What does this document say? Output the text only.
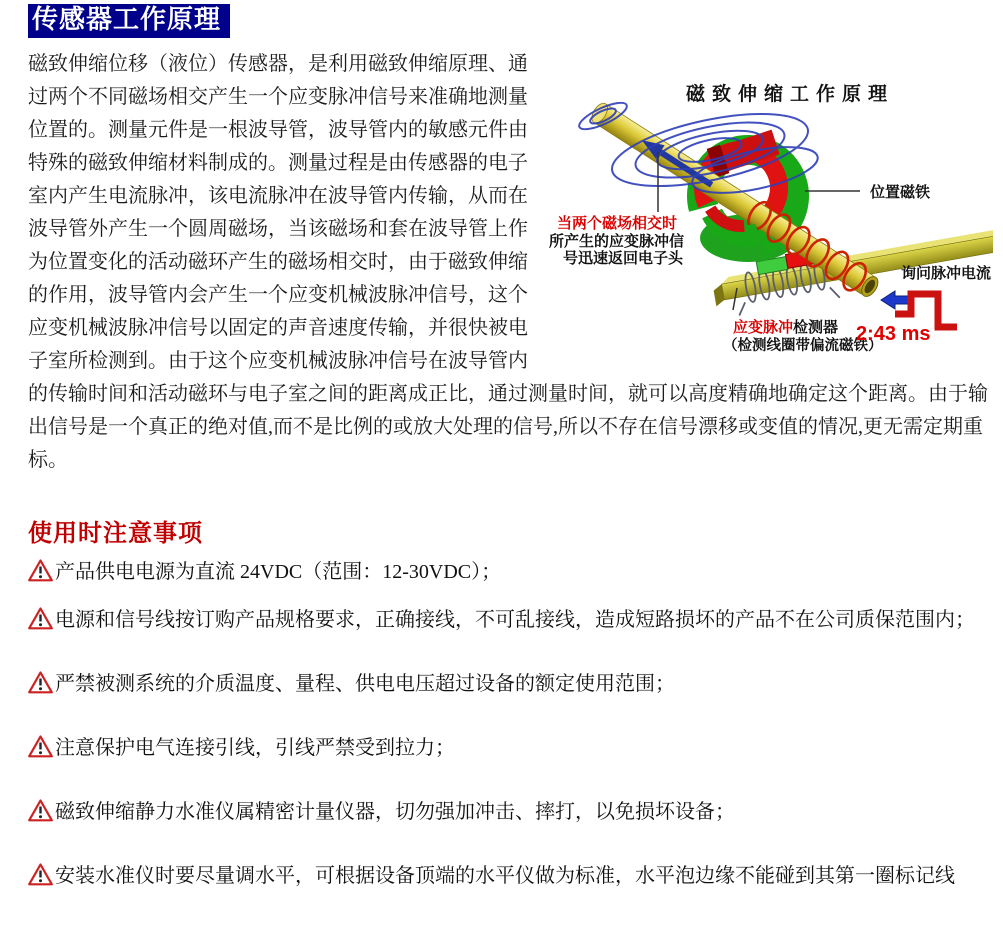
传感器工作原理
磁致伸缩工作原理
位置磁铁
当两个磁场相交时
所产生的应变脉冲信
号迅速返回电子头
询问脉冲电流
应变脉冲检测器
（检测线圈带偏流磁铁）
2:43 ms
磁致伸缩位移（液位）传感器，是利用磁致伸缩原理、通过两个不同磁场相交产生一个应变脉冲信号来准确地测量位置的。测量元件是一根波导管，波导管内的敏感元件由特殊的磁致伸缩材料制成的。测量过程是由传感器的电子室内产生电流脉冲，该电流脉冲在波导管内传输，从而在波导管外产生一个圆周磁场，当该磁场和套在波导管上作为位置变化的活动磁环产生的磁场相交时，由于磁致伸缩的作用，波导管内会产生一个应变机械波脉冲信号，这个应变机械波脉冲信号以固定的声音速度传输，并很快被电子室所检测到。由于这个应变机械波脉冲信号在波导管内的传输时间和活动磁环与电子室之间的距离成正比，通过测量时间，就可以高度精确地确定这个距离。由于输出信号是一个真正的绝对值,而不是比例的或放大处理的信号,所以不存在信号漂移或变值的情况,更无需定期重标。
使用时注意事项
产品供电电源为直流 24VDC（范围：12-30VDC）；
电源和信号线按订购产品规格要求，正确接线，不可乱接线，造成短路损坏的产品不在公司质保范围内；
严禁被测系统的介质温度、量程、供电电压超过设备的额定使用范围；
注意保护电气连接引线，引线严禁受到拉力；
磁致伸缩静力水准仪属精密计量仪器，切勿强加冲击、摔打，以免损坏设备；
安装水准仪时要尽量调水平，可根据设备顶端的水平仪做为标准，水平泡边缘不能碰到其第一圈标记线
